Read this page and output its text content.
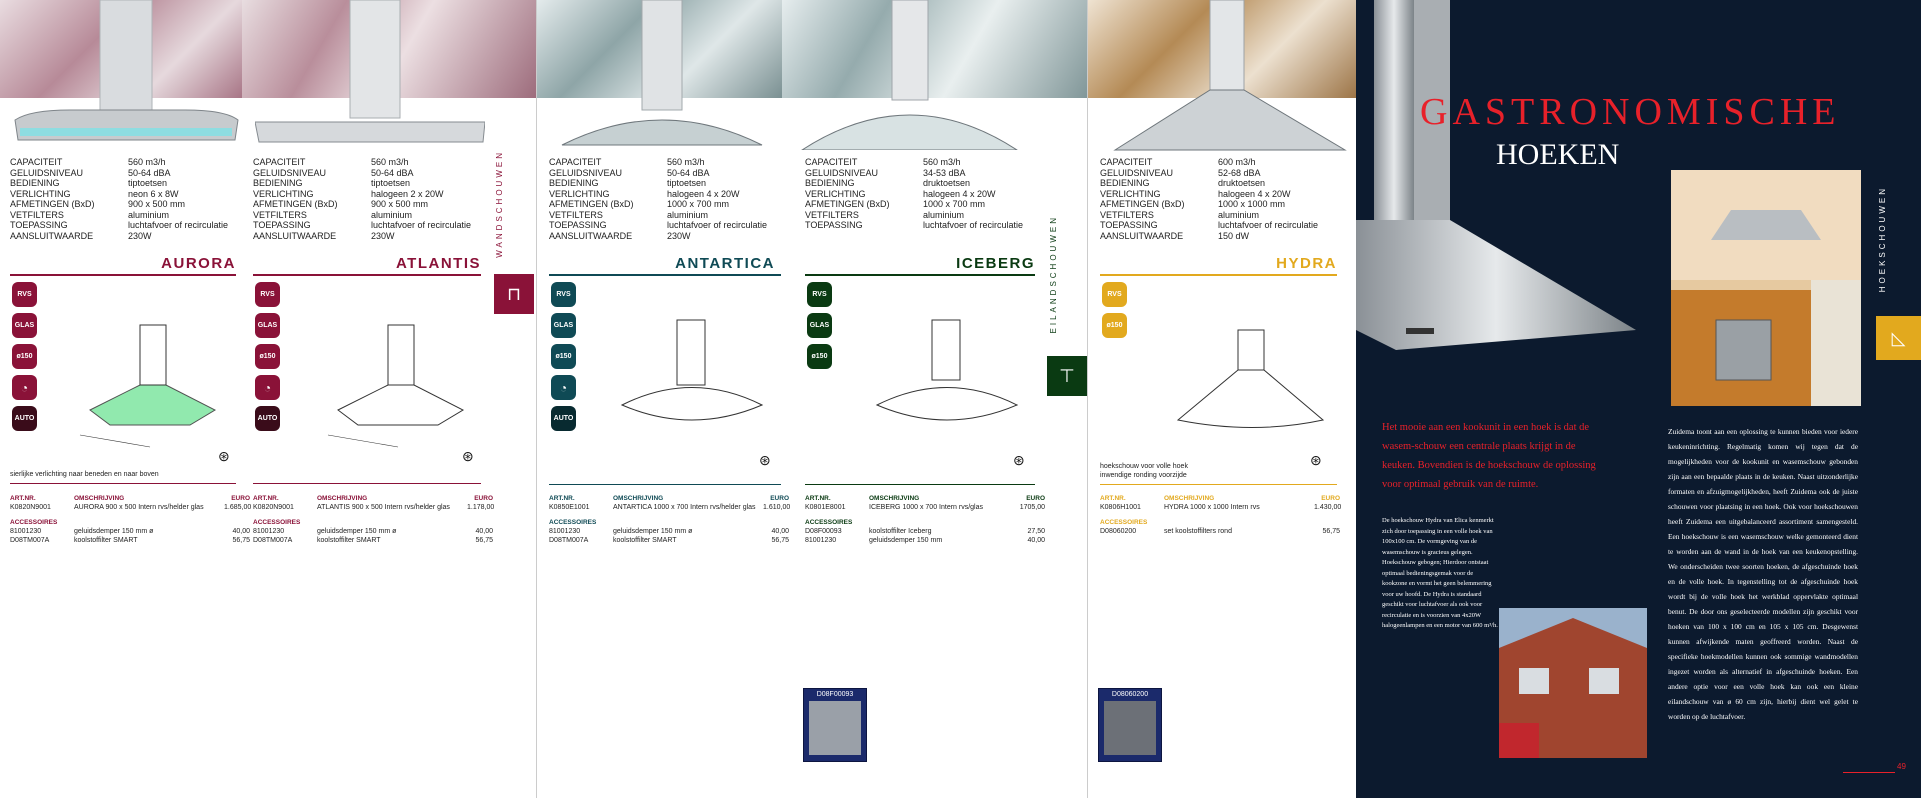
CAPACITEIT	560 m3/h
GELUIDSNIVEAU	50-64 dBA
BEDIENING	tiptoetsen
VERLICHTING	neon 6 x 8W
AFMETINGEN (BxD)	900 x 500 mm
VETFILTERS	aluminium
TOEPASSING	luchtafvoer of recirculatie
AANSLUITWAARDE	230W
CAPACITEIT	560 m3/h
GELUIDSNIVEAU	50-64 dBA
BEDIENING	tiptoetsen
VERLICHTING	halogeen 2 x 20W
AFMETINGEN (BxD)	900 x 500 mm
VETFILTERS	aluminium
TOEPASSING	luchtafvoer of recirculatie
AANSLUITWAARDE	230W
AURORA	ATLANTIS
RVS
GLAS
ø150
◔
AUTO
RVS
GLAS
ø150
◔
AUTO
⊛	⊛
sierlijke verlichting naar beneden en naar boven
ART.NR.	OMSCHRIJVING	EURO
K0820N9001	AURORA 900 x 500 Intern rvs/helder glas	1.685,00
ACCESSOIRES
81001230	geluidsdemper 150 mm ø	40,00
D08TM007A	koolstoffilter SMART	56,75
ART.NR.	OMSCHRIJVING	EURO
K0820N9001	ATLANTIS 900 x 500 Intern rvs/helder glas	1.178,00
ACCESSOIRES
81001230	geluidsdemper 150 mm ø	40,00
D08TM007A	koolstoffilter SMART	56,75
WANDSCHOUWEN
⊓
CAPACITEIT	560 m3/h
GELUIDSNIVEAU	50-64 dBA
BEDIENING	tiptoetsen
VERLICHTING	halogeen 4 x 20W
AFMETINGEN (BxD)	1000 x 700 mm
VETFILTERS	aluminium
TOEPASSING	luchtafvoer of recirculatie
AANSLUITWAARDE	230W
CAPACITEIT	560 m3/h
GELUIDSNIVEAU	34-53 dBA
BEDIENING	druktoetsen
VERLICHTING	halogeen 4 x 20W
AFMETINGEN (BxD)	1000 x 700 mm
VETFILTERS	aluminium
TOEPASSING	luchtafvoer of recirculatie
ANTARTICA	ICEBERG
RVS
GLAS
ø150
◔
AUTO
RVS
GLAS
ø150
⊛	⊛
ART.NR.	OMSCHRIJVING	EURO
K0850E1001	ANTARTICA 1000 x 700 Intern rvs/helder glas	1.610,00
ACCESSOIRES
81001230	geluidsdemper 150 mm ø	40,00
D08TM007A	koolstoffilter SMART	56,75
ART.NR.	OMSCHRIJVING	EURO
K0801E8001	ICEBERG 1000 x 700 Intern rvs/glas	1705,00
ACCESSOIRES
D08F00093	koolstoffilter Iceberg	27,50
81001230	geluidsdemper 150 mm	40,00
D08F00093
EILANDSCHOUWEN
⊤
CAPACITEIT	600 m3/h
GELUIDSNIVEAU	52-68 dBA
BEDIENING	druktoetsen
VERLICHTING	halogeen 4 x 20W
AFMETINGEN (BxD)	1000 x 1000 mm
VETFILTERS	aluminium
TOEPASSING	luchtafvoer of recirculatie
AANSLUITWAARDE	150 dW
HYDRA
RVS
ø150
⊛
hoekschouw voor volle hoek
inwendige ronding voorzijde
ART.NR.	OMSCHRIJVING	EURO
K0806H1001	HYDRA 1000 x 1000 Intern rvs	1.430,00
ACCESSOIRES
D08060200	set koolstoffilters rond	56,75
D08060200
GASTRONOMISCHE
HOEKEN
◺
HOEKSCHOUWEN
Het mooie aan een kookunit in een hoek is dat de wasem-schouw een centrale plaats krijgt in de keuken. Bovendien is de hoekschouw de oplossing voor optimaal gebruik van de ruimte.
De hoekschouw Hydra van Elica kenmerkt zich door toepassing in een volle hoek van 100x100 cm. De vormgeving van de wasemschouw is gracieus gelegen. Hoekschouw gebogen; Hierdoor ontstaat optimaal bedieningsgemak voor de kookzone en vormt het geen belemmering voor uw hoofd. De Hydra is standaard geschikt voor luchtafvoer als ook voor recirculatie en is voorzien van 4x20W halogeenlampen en een motor van 600 m³/h.
Zuidema toont aan een oplossing te kunnen bieden voor iedere keukeninrichting. Regelmatig komen wij tegen dat de mogelijkheden voor de kookunit en wasemschouw gebonden zijn aan een bepaalde plaats in de keuken. Naast uitzonderlijke formaten en afzuigmogelijkheden, heeft Zuidema ook de juiste schouwen voor plaatsing in een hoek. Ook voor hoekschouwen heeft Zuidema een uitgebalanceerd assortiment samengesteld. Een hoekschouw is een wasemschouw welke gemonteerd dient te worden aan de wand in de hoek van een keukenopstelling. We onderscheiden twee soorten hoeken, de afgeschuinde hoek en de volle hoek. In tegenstelling tot de afgeschuinde hoek wordt bij de volle hoek het werkblad oppervlakte optimaal benut. De door ons geselecteerde modellen zijn geschikt voor hoeken van 100 x 100 cm en 105 x 105 cm. Desgewenst kunnen afwijkende maten geoffreerd worden. Naast de specifieke hoekmodellen kunnen ook sommige wandmodellen ingezet worden als alternatief in afgeschuinde hoeken. Een andere optie voor een volle hoek kan ook een kleine eilandschouw van ø 60 cm zijn, hierbij dient wel gelet te worden op de luchtafvoer.
49
